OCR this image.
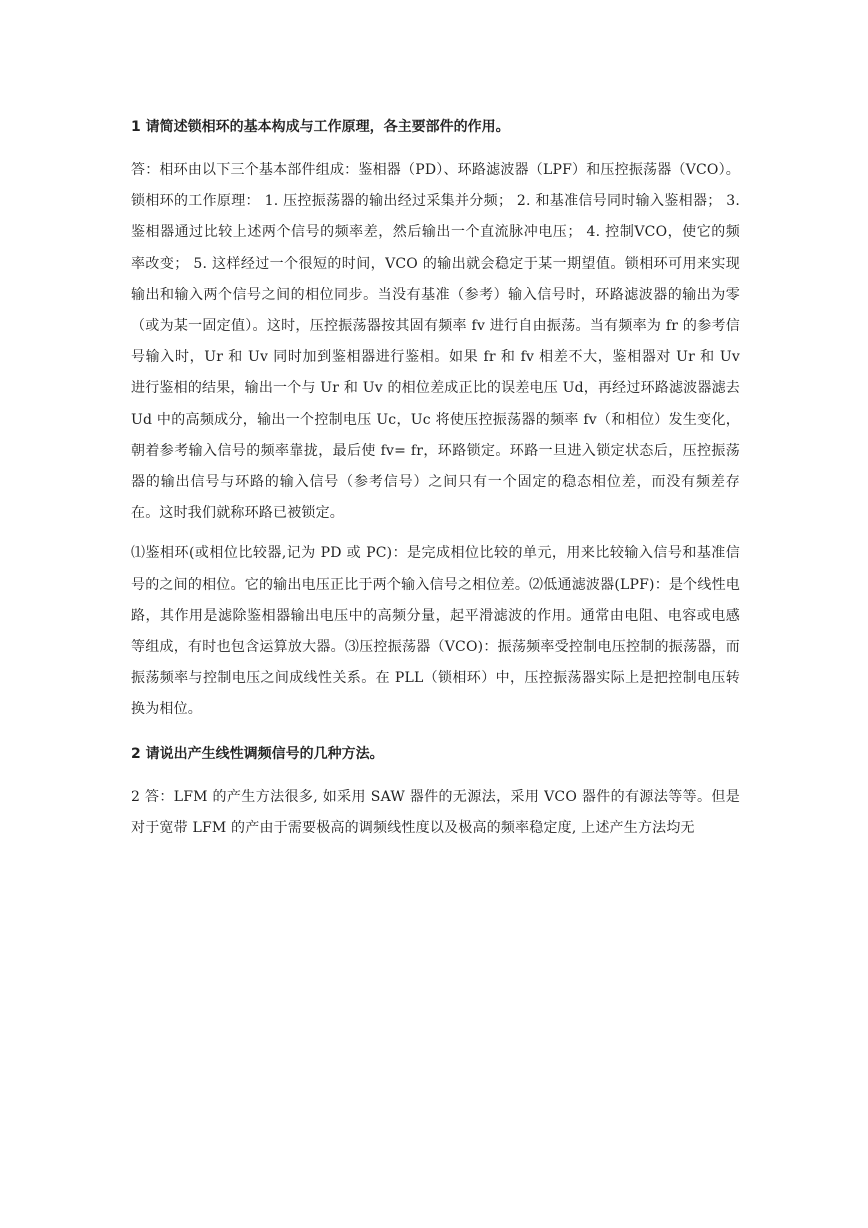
1 请简述锁相环的基本构成与工作原理，各主要部件的作用。

答：相环由以下三个基本部件组成：鉴相器（PD）、环路滤波器（LPF）和压控振荡器（VCO）。锁相环的工作原理： 1. 压控振荡器的输出经过采集并分频； 2. 和基准信号同时输入鉴相器； 3. 鉴相器通过比较上述两个信号的频率差，然后输出一个直流脉冲电压； 4. 控制VCO，使它的频率改变； 5. 这样经过一个很短的时间，VCO 的输出就会稳定于某一期望值。锁相环可用来实现输出和输入两个信号之间的相位同步。当没有基准（参考）输入信号时，环路滤波器的输出为零（或为某一固定值）。这时，压控振荡器按其固有频率 fv 进行自由振荡。当有频率为 fr 的参考信号输入时，Ur 和 Uv 同时加到鉴相器进行鉴相。如果 fr 和 fv 相差不大，鉴相器对 Ur 和 Uv 进行鉴相的结果，输出一个与 Ur 和 Uv 的相位差成正比的误差电压 Ud，再经过环路滤波器滤去 Ud 中的高频成分，输出一个控制电压 Uc，Uc 将使压控振荡器的频率 fv（和相位）发生变化，朝着参考输入信号的频率靠拢，最后使 fv= fr，环路锁定。环路一旦进入锁定状态后，压控振荡器的输出信号与环路的输入信号（参考信号）之间只有一个固定的稳态相位差，而没有频差存在。这时我们就称环路已被锁定。

⑴鉴相环(或相位比较器,记为 PD 或 PC)：是完成相位比较的单元，用来比较输入信号和基准信号的之间的相位。它的输出电压正比于两个输入信号之相位差。⑵低通滤波器(LPF)：是个线性电路，其作用是滤除鉴相器输出电压中的高频分量，起平滑滤波的作用。通常由电阻、电容或电感等组成，有时也包含运算放大器。⑶压控振荡器（VCO)：振荡频率受控制电压控制的振荡器，而振荡频率与控制电压之间成线性关系。在 PLL（锁相环）中，压控振荡器实际上是把控制电压转换为相位。

2 请说出产生线性调频信号的几种方法。

2 答：LFM 的产生方法很多, 如采用 SAW 器件的无源法，采用 VCO 器件的有源法等等。但是对于宽带 LFM 的产由于需要极高的调频线性度以及极高的频率稳定度, 上述产生方法均无
